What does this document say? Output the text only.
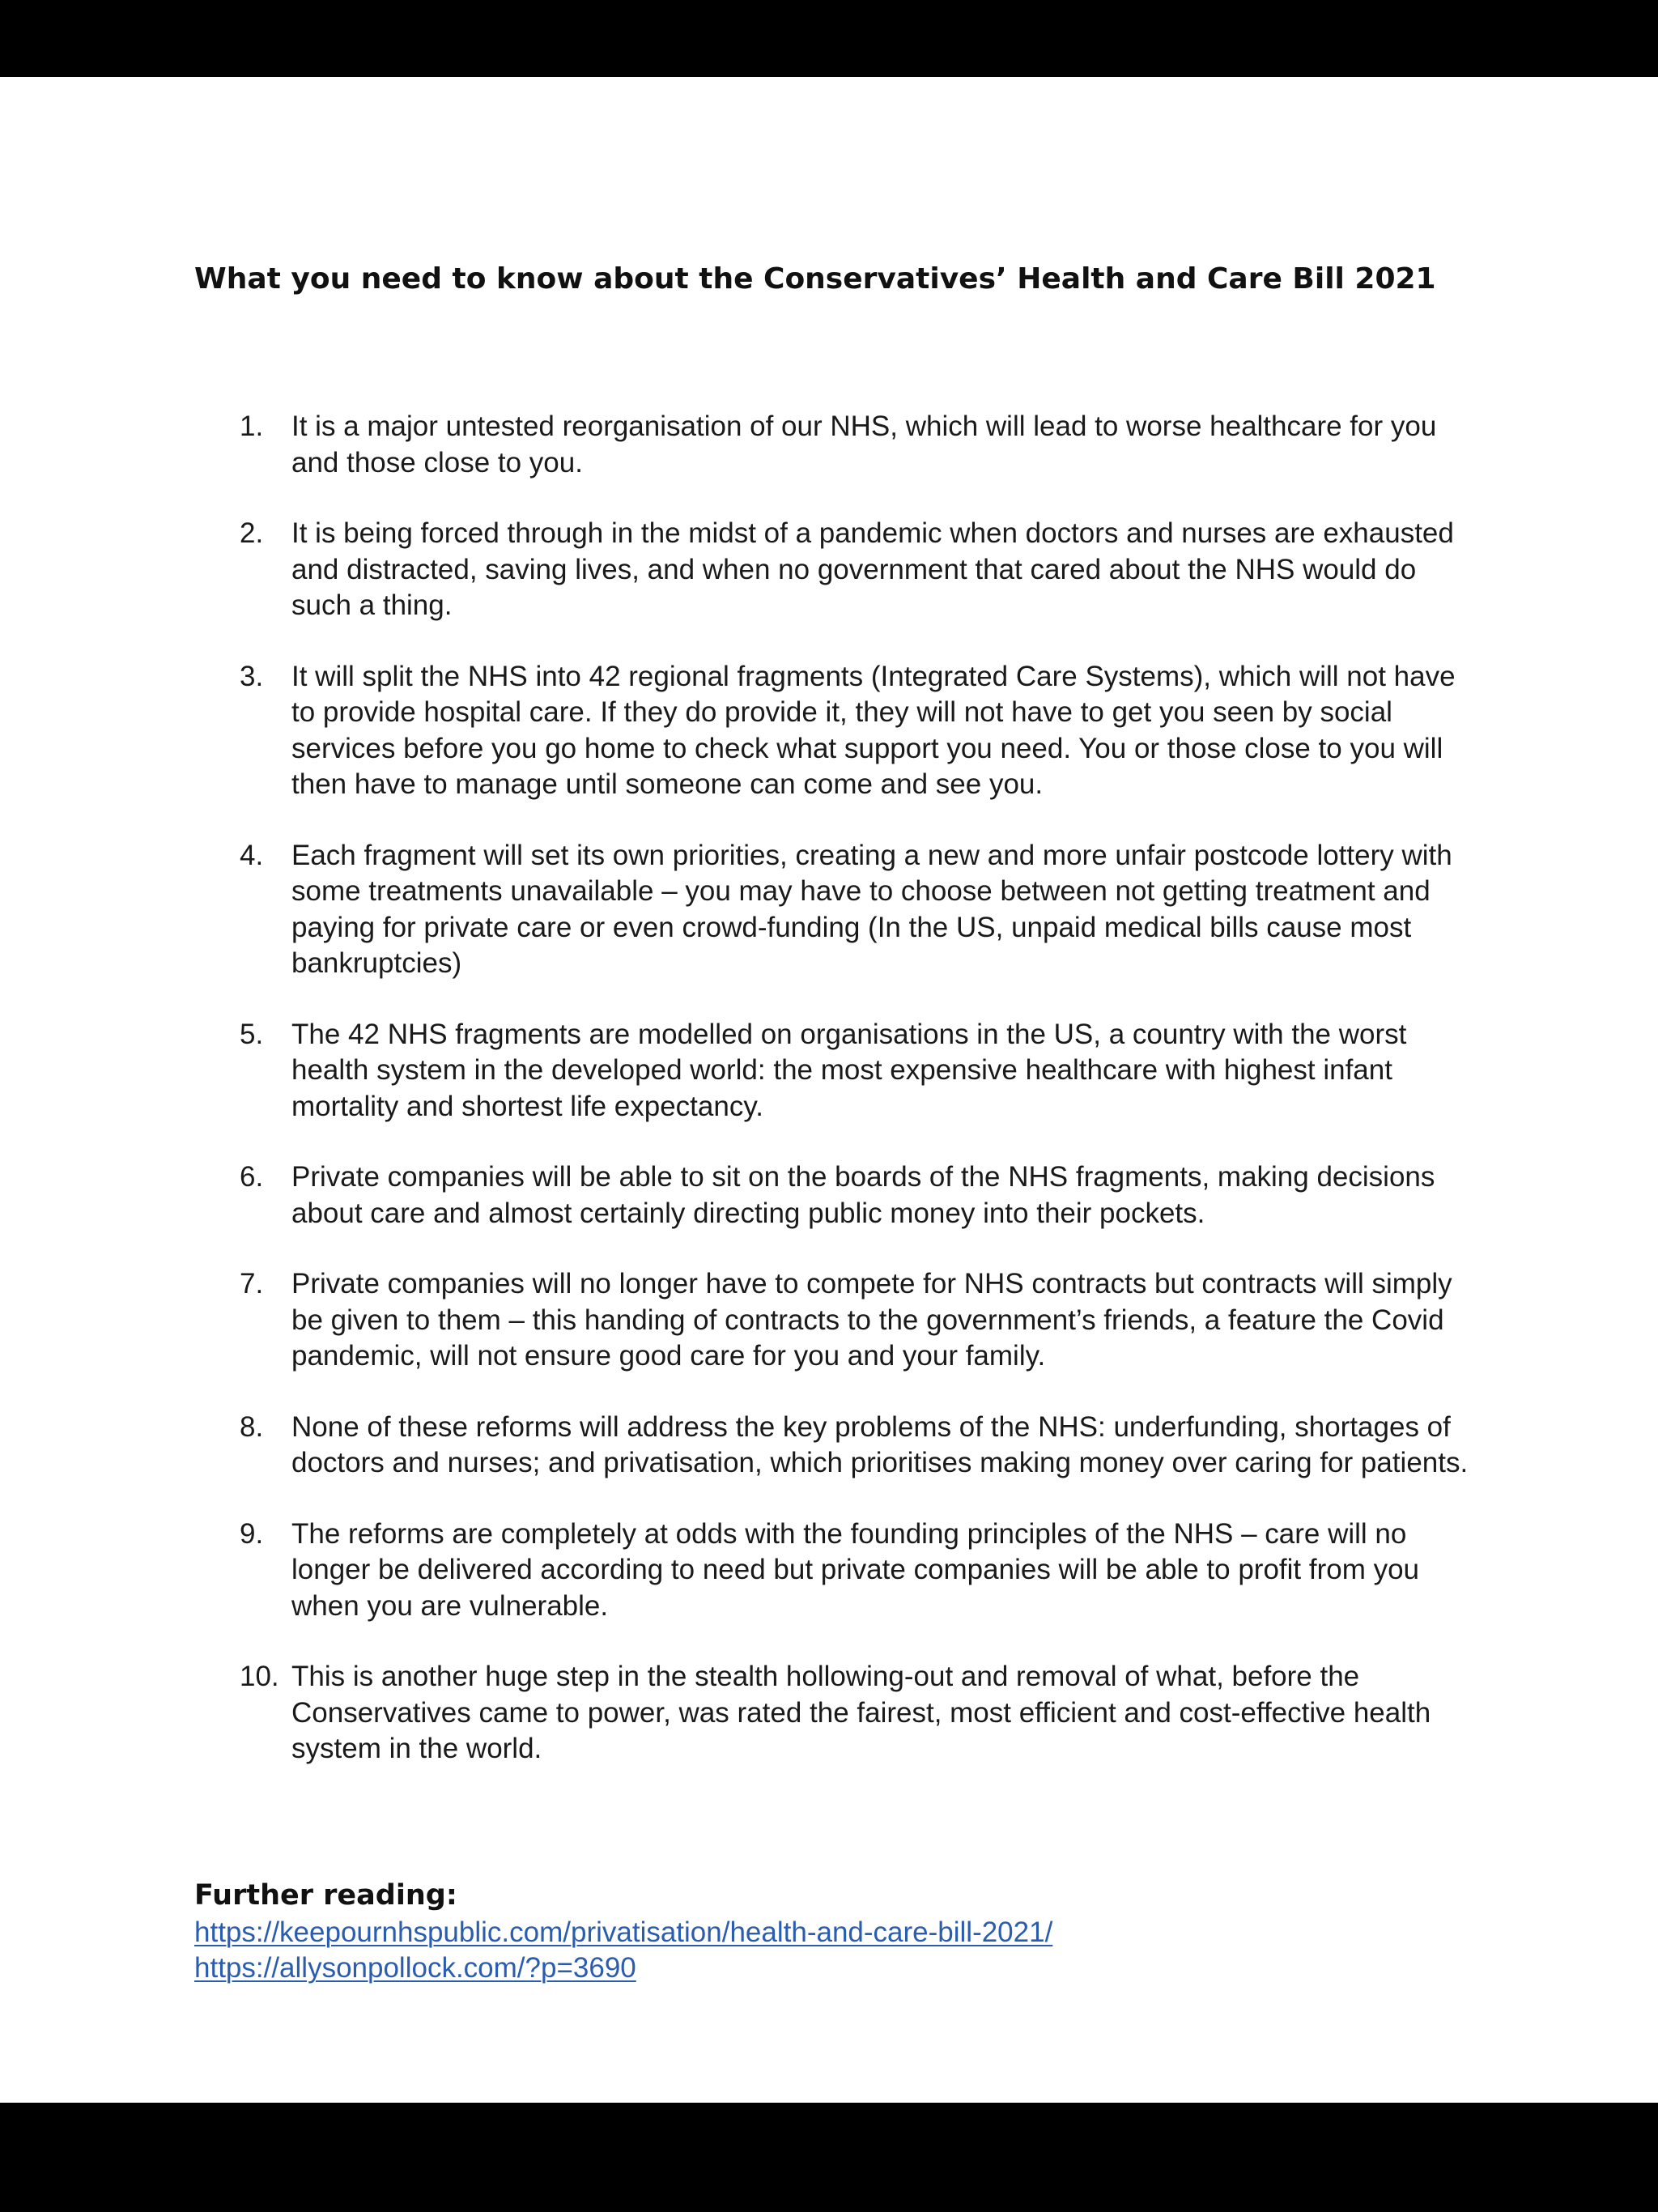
What you need to know about the Conservatives’ Health and Care Bill 2021
1. It is a major untested reorganisation of our NHS, which will lead to worse healthcare for you and those close to you.
2. It is being forced through in the midst of a pandemic when doctors and nurses are exhausted and distracted, saving lives, and when no government that cared about the NHS would do such a thing.
3. It will split the NHS into 42 regional fragments (Integrated Care Systems), which will not have to provide hospital care. If they do provide it, they will not have to get you seen by social services before you go home to check what support you need. You or those close to you will then have to manage until someone can come and see you.
4. Each fragment will set its own priorities, creating a new and more unfair postcode lottery with some treatments unavailable – you may have to choose between not getting treatment and paying for private care or even crowd-funding (In the US, unpaid medical bills cause most bankruptcies)
5. The 42 NHS fragments are modelled on organisations in the US, a country with the worst health system in the developed world: the most expensive healthcare with highest infant mortality and shortest life expectancy.
6. Private companies will be able to sit on the boards of the NHS fragments, making decisions about care and almost certainly directing public money into their pockets.
7. Private companies will no longer have to compete for NHS contracts but contracts will simply be given to them – this handing of contracts to the government’s friends, a feature the Covid pandemic, will not ensure good care for you and your family.
8. None of these reforms will address the key problems of the NHS: underfunding, shortages of doctors and nurses; and privatisation, which prioritises making money over caring for patients.
9. The reforms are completely at odds with the founding principles of the NHS – care will no longer be delivered according to need but private companies will be able to profit from you when you are vulnerable.
10. This is another huge step in the stealth hollowing-out and removal of what, before the Conservatives came to power, was rated the fairest, most efficient and cost-effective health system in the world.
Further reading:
https://keepournhspublic.com/privatisation/health-and-care-bill-2021/
https://allysonpollock.com/?p=3690
